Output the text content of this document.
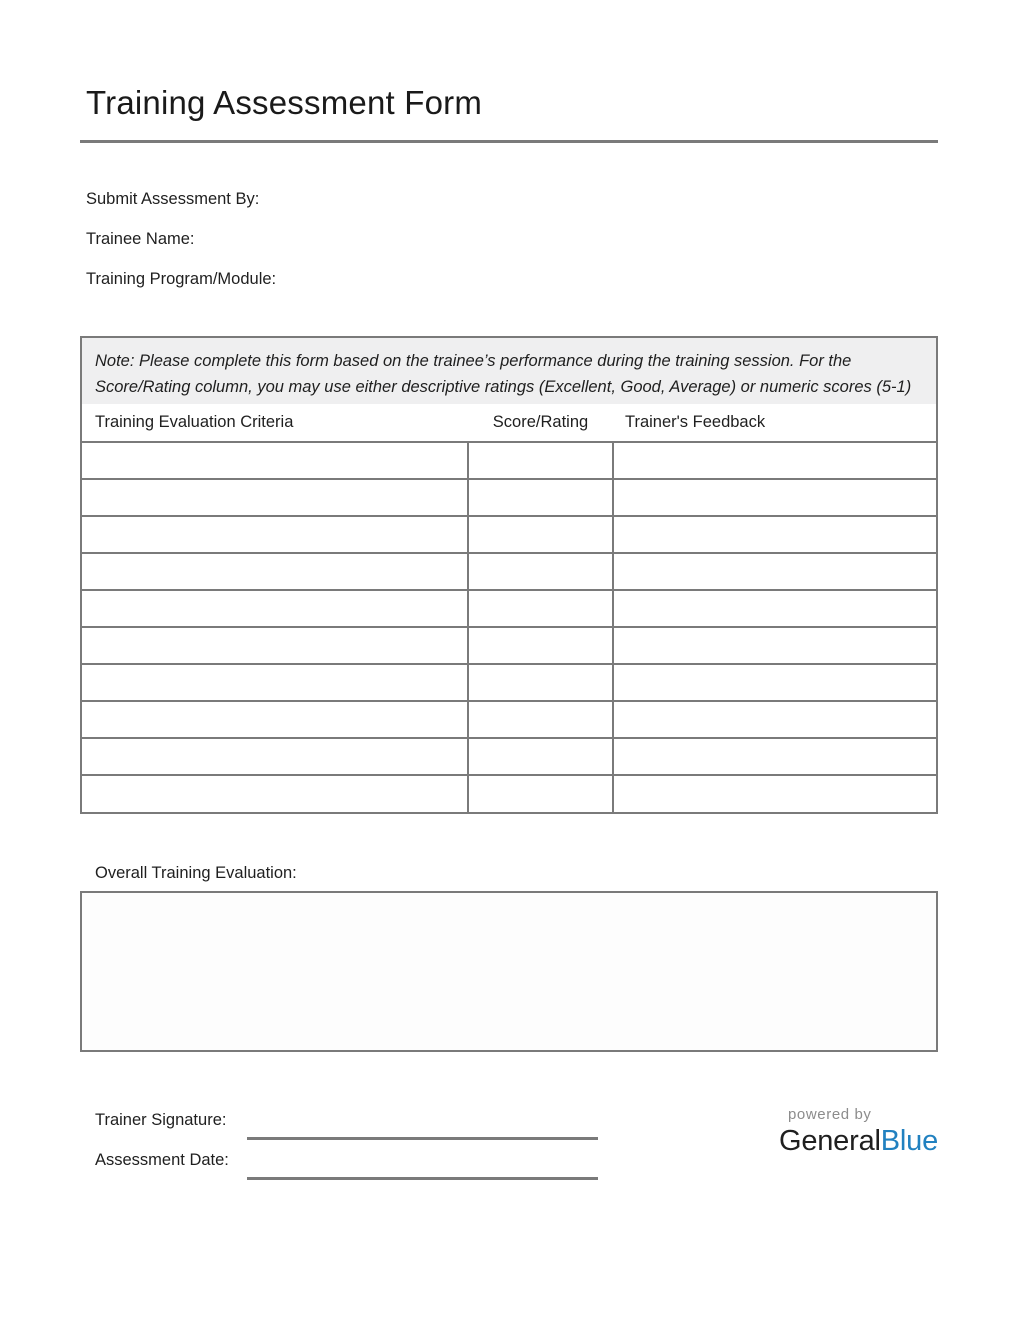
Training Assessment Form
Submit Assessment By:
Trainee Name:
Training Program/Module:
Note: Please complete this form based on the trainee’s performance during the training session. For the Score/Rating column, you may use either descriptive ratings (Excellent, Good, Average) or numeric scores (5-1)
Training Evaluation Criteria	Score/Rating	Trainer's Feedback

Overall Training Evaluation:
Trainer Signature:
Assessment Date:
powered by
GeneralBlue
